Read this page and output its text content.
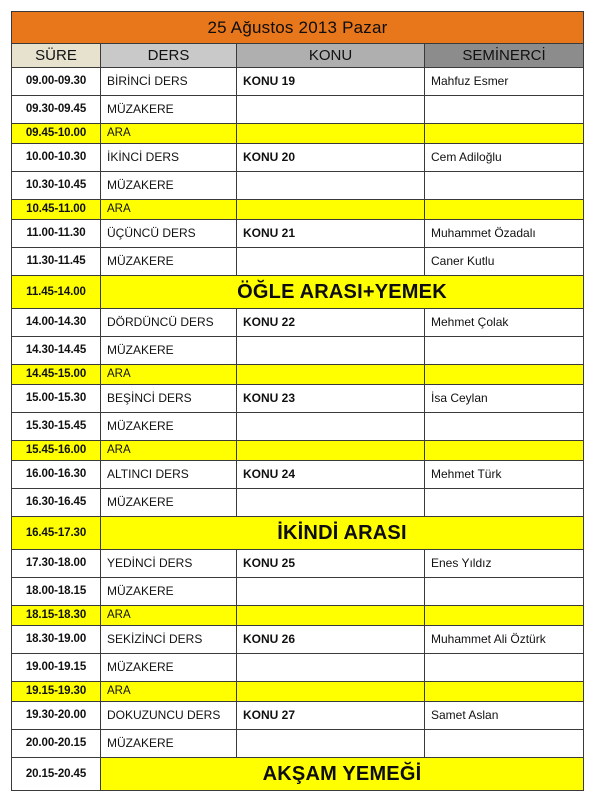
25 Ağustos 2013 Pazar			
SÜRE	DERS	KONU	SEMİNERCİ
09.00-09.30	BİRİNCİ DERS	KONU 19	Mahfuz Esmer
09.30-09.45	MÜZAKERE		
09.45-10.00	ARA		
10.00-10.30	İKİNCİ DERS	KONU 20	Cem Adiloğlu
10.30-10.45	MÜZAKERE		
10.45-11.00	ARA		
11.00-11.30	ÜÇÜNCÜ DERS	KONU 21	Muhammet Özadalı
11.30-11.45	MÜZAKERE		Caner Kutlu
11.45-14.00	ÖĞLE ARASI+YEMEK		
14.00-14.30	DÖRDÜNCÜ DERS	KONU 22	Mehmet Çolak
14.30-14.45	MÜZAKERE		
14.45-15.00	ARA		
15.00-15.30	BEŞİNCİ DERS	KONU 23	İsa Ceylan
15.30-15.45	MÜZAKERE		
15.45-16.00	ARA		
16.00-16.30	ALTINCI DERS	KONU 24	Mehmet Türk
16.30-16.45	MÜZAKERE		
16.45-17.30	İKİNDİ ARASI		
17.30-18.00	YEDİNCİ DERS	KONU 25	Enes Yıldız
18.00-18.15	MÜZAKERE		
18.15-18.30	ARA		
18.30-19.00	SEKİZİNCİ DERS	KONU 26	Muhammet Ali Öztürk
19.00-19.15	MÜZAKERE		
19.15-19.30	ARA		
19.30-20.00	DOKUZUNCU DERS	KONU 27	Samet Aslan
20.00-20.15	MÜZAKERE		
20.15-20.45	AKŞAM YEMEĞİ		
